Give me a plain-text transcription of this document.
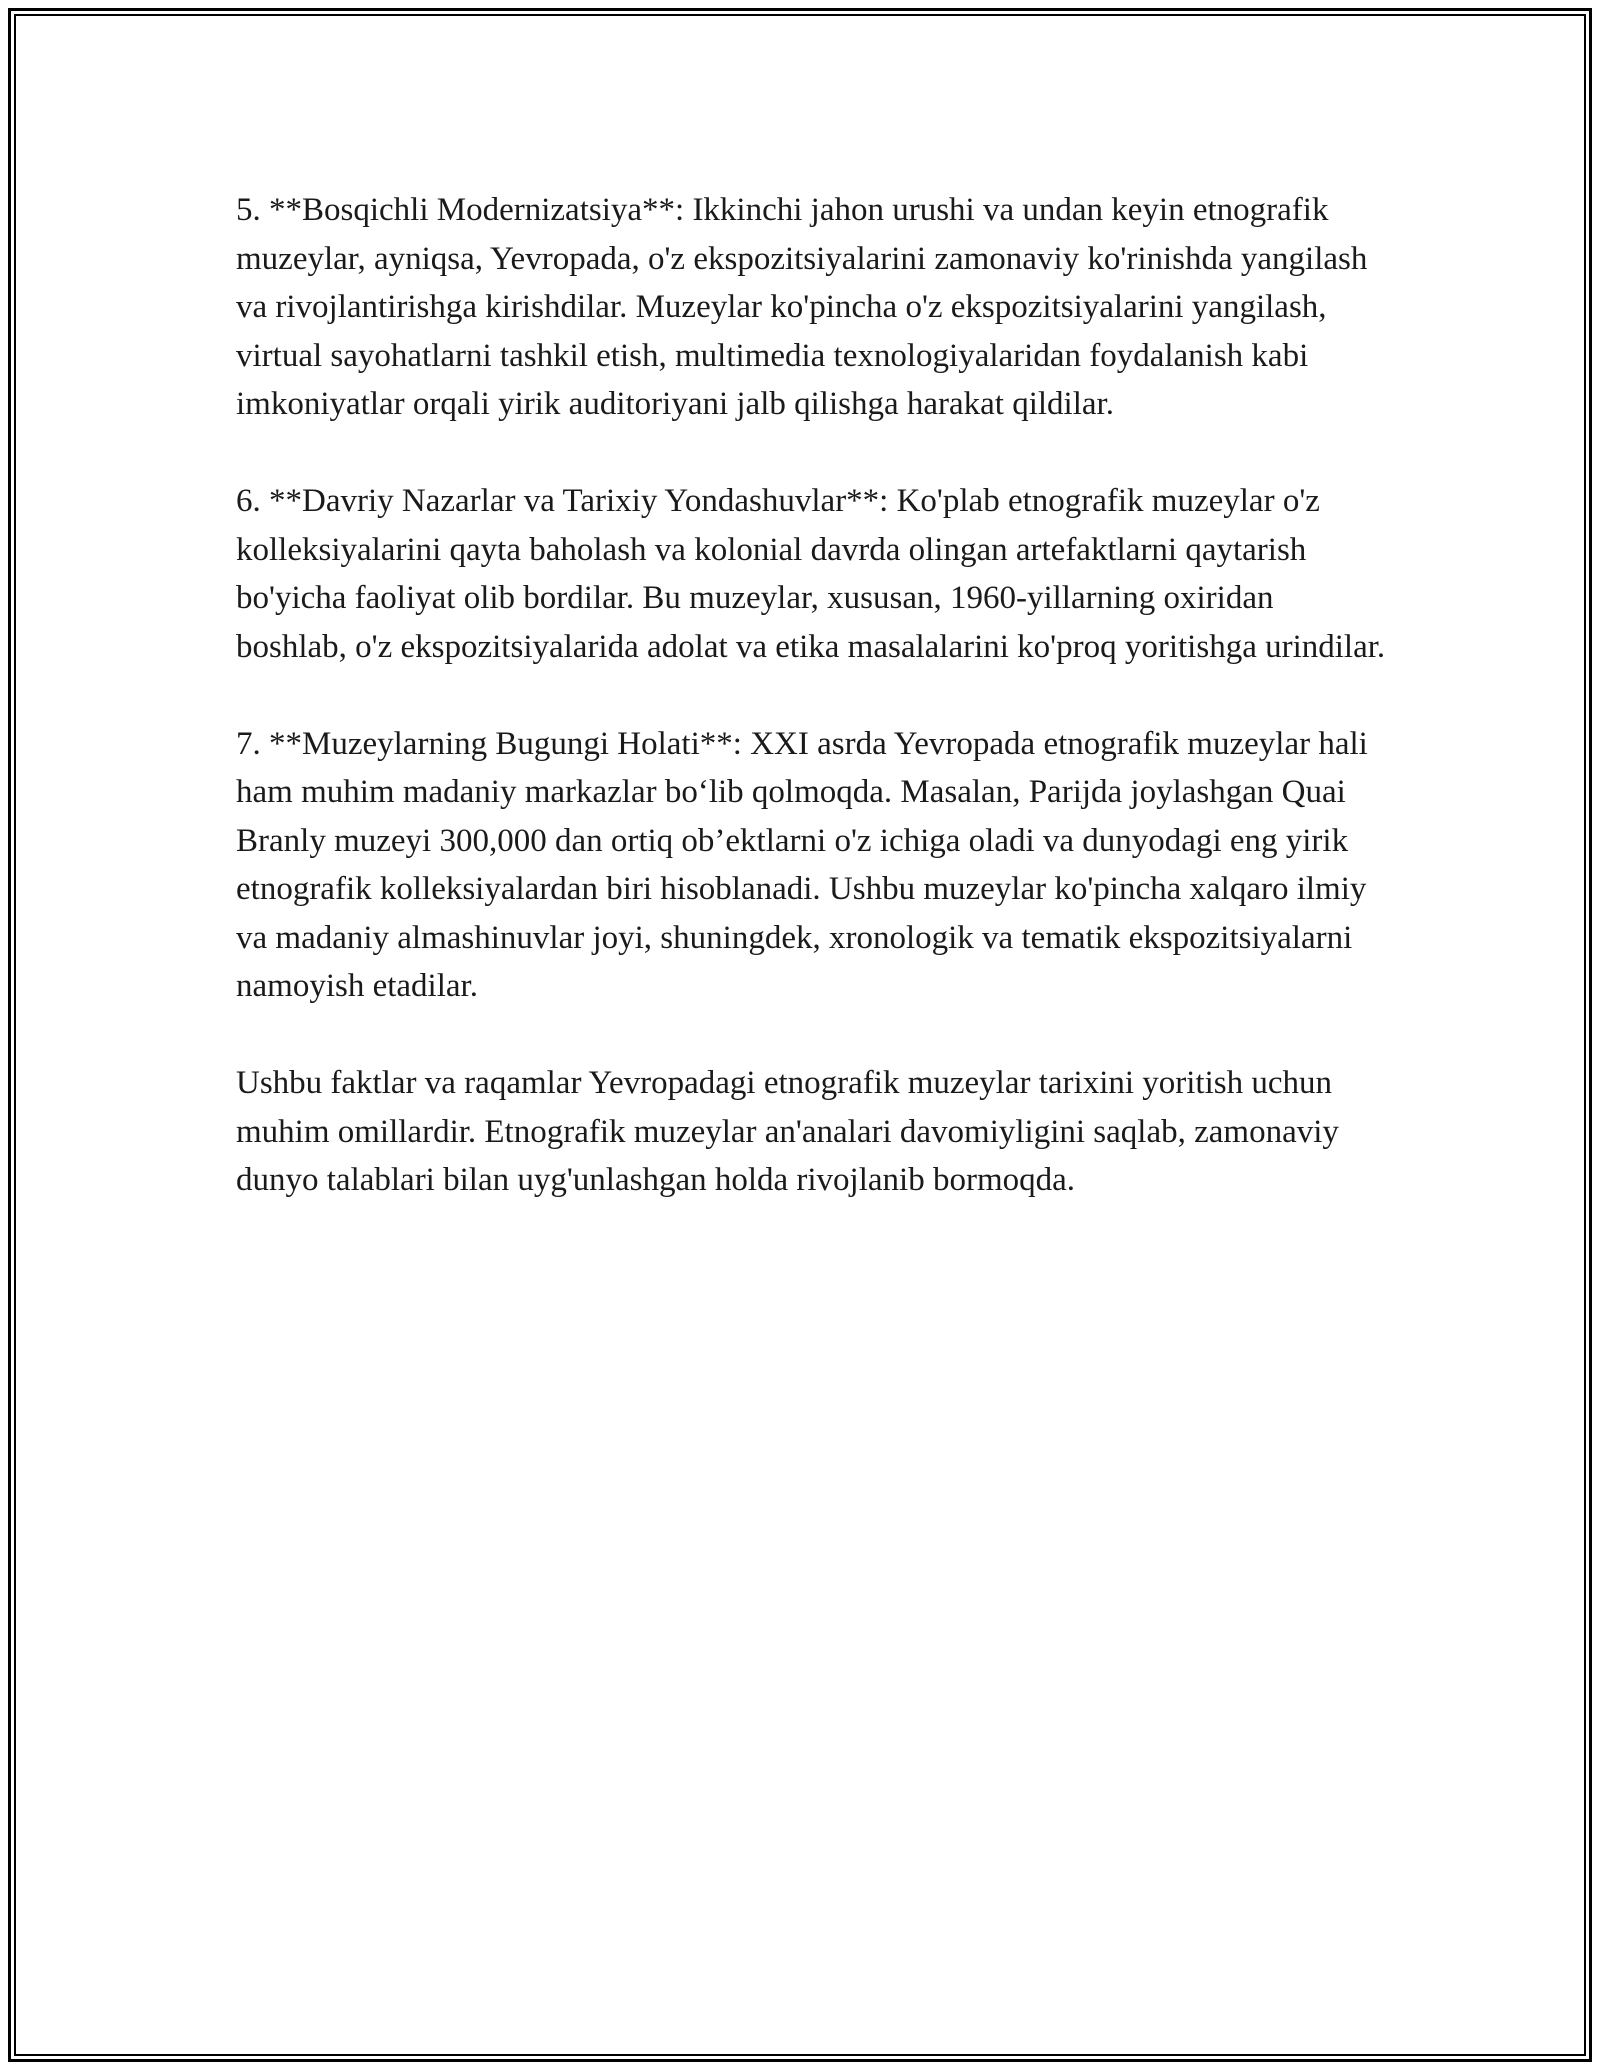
5. **Bosqichli Modernizatsiya**: Ikkinchi jahon urushi va undan keyin etnografik muzeylar, ayniqsa, Yevropada, o'z ekspozitsiyalarini zamonaviy ko'rinishda yangilash va rivojlantirishga kirishdilar. Muzeylar ko'pincha o'z ekspozitsiyalarini yangilash, virtual sayohatlarni tashkil etish, multimedia texnologiyalaridan foydalanish kabi imkoniyatlar orqali yirik auditoriyani jalb qilishga harakat qildilar.

6. **Davriy Nazarlar va Tarixiy Yondashuvlar**: Ko'plab etnografik muzeylar o'z kolleksiyalarini qayta baholash va kolonial davrda olingan artefaktlarni qaytarish bo'yicha faoliyat olib bordilar. Bu muzeylar, xususan, 1960-yillarning oxiridan boshlab, o'z ekspozitsiyalarida adolat va etika masalalarini ko'proq yoritishga urindilar.

7. **Muzeylarning Bugungi Holati**: XXI asrda Yevropada etnografik muzeylar hali ham muhim madaniy markazlar bo‘lib qolmoqda. Masalan, Parijda joylashgan Quai Branly muzeyi 300,000 dan ortiq ob’ektlarni o'z ichiga oladi va dunyodagi eng yirik etnografik kolleksiyalardan biri hisoblanadi. Ushbu muzeylar ko'pincha xalqaro ilmiy va madaniy almashinuvlar joyi, shuningdek, xronologik va tematik ekspozitsiyalarni namoyish etadilar.

Ushbu faktlar va raqamlar Yevropadagi etnografik muzeylar tarixini yoritish uchun muhim omillardir. Etnografik muzeylar an'analari davomiyligini saqlab, zamonaviy dunyo talablari bilan uyg'unlashgan holda rivojlanib bormoqda.
